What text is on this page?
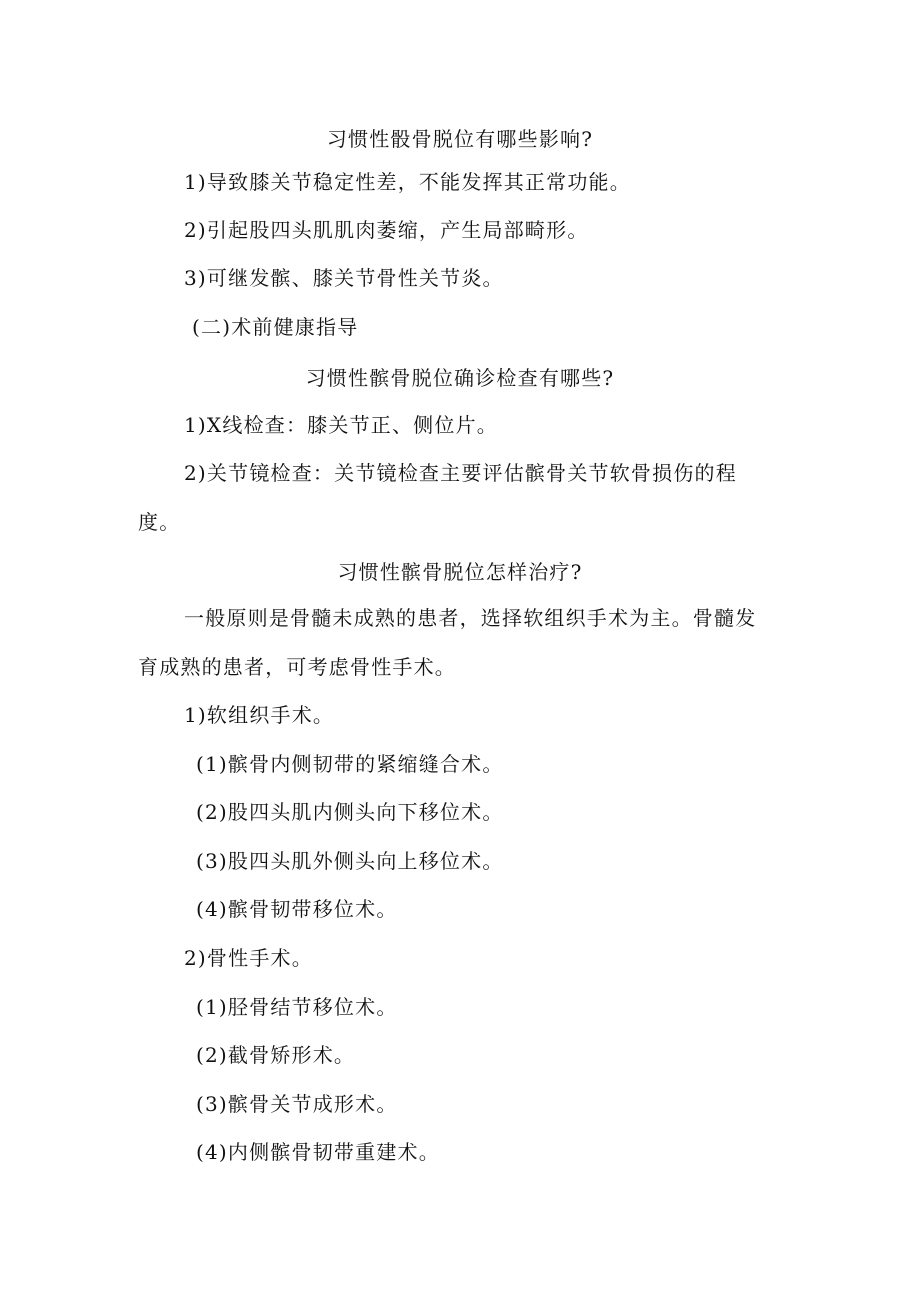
习惯性骰骨脱位有哪些影响?
1)导致膝关节稳定性差，不能发挥其正常功能。
2)引起股四头肌肌肉萎缩，产生局部畸形。
3)可继发髌、膝关节骨性关节炎。
(二)术前健康指导
习惯性髌骨脱位确诊检查有哪些?
1)X线检查：膝关节正、侧位片。
2)关节镜检查：关节镜检查主要评估髌骨关节软骨损伤的程
度。
习惯性髌骨脱位怎样治疗?
一般原则是骨髓未成熟的患者，选择软组织手术为主。骨髓发
育成熟的患者，可考虑骨性手术。
1)软组织手术。
(1)髌骨内侧韧带的紧缩缝合术。
(2)股四头肌内侧头向下移位术。
(3)股四头肌外侧头向上移位术。
(4)髌骨韧带移位术。
2)骨性手术。
(1)胫骨结节移位术。
(2)截骨矫形术。
(3)髌骨关节成形术。
(4)内侧髌骨韧带重建术。
